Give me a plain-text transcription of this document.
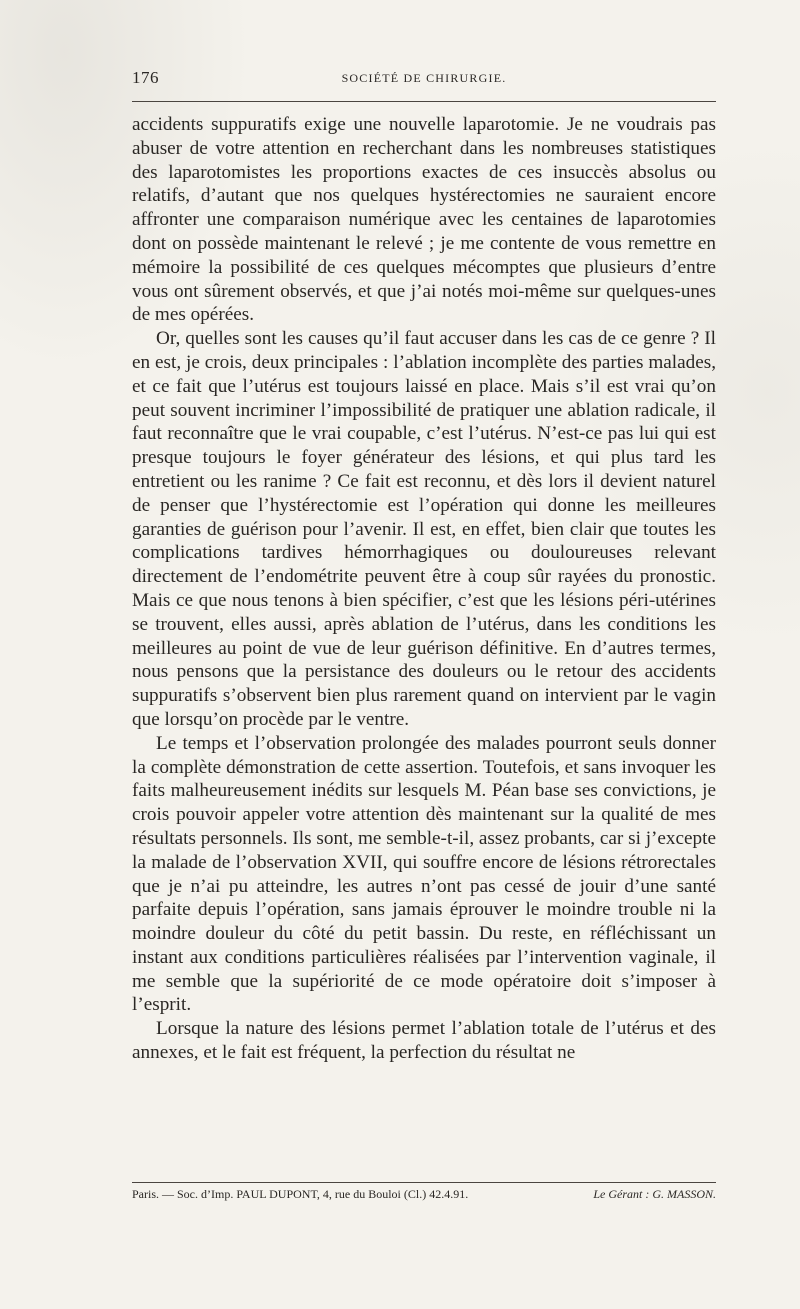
176	SOCIÉTÉ DE CHIRURGIE.

accidents suppuratifs exige une nouvelle laparotomie. Je ne voudrais pas abuser de votre attention en recherchant dans les nombreuses statistiques des laparotomistes les proportions exactes de ces insuccès absolus ou relatifs, d’autant que nos quelques hystérectomies ne sauraient encore affronter une comparaison numérique avec les centaines de laparotomies dont on possède maintenant le relevé ; je me contente de vous remettre en mémoire la possibilité de ces quelques mécomptes que plusieurs d’entre vous ont sûrement observés, et que j’ai notés moi-même sur quelques-unes de mes opérées.

Or, quelles sont les causes qu’il faut accuser dans les cas de ce genre ? Il en est, je crois, deux principales : l’ablation incomplète des parties malades, et ce fait que l’utérus est toujours laissé en place. Mais s’il est vrai qu’on peut souvent incriminer l’impossibilité de pratiquer une ablation radicale, il faut reconnaître que le vrai coupable, c’est l’utérus. N’est-ce pas lui qui est presque toujours le foyer générateur des lésions, et qui plus tard les entretient ou les ranime ? Ce fait est reconnu, et dès lors il devient naturel de penser que l’hystérectomie est l’opération qui donne les meilleures garanties de guérison pour l’avenir. Il est, en effet, bien clair que toutes les complications tardives hémorrhagiques ou douloureuses relevant directement de l’endométrite peuvent être à coup sûr rayées du pronostic. Mais ce que nous tenons à bien spécifier, c’est que les lésions péri-utérines se trouvent, elles aussi, après ablation de l’utérus, dans les conditions les meilleures au point de vue de leur guérison définitive. En d’autres termes, nous pensons que la persistance des douleurs ou le retour des accidents suppuratifs s’observent bien plus rarement quand on intervient par le vagin que lorsqu’on procède par le ventre.

Le temps et l’observation prolongée des malades pourront seuls donner la complète démonstration de cette assertion. Toutefois, et sans invoquer les faits malheureusement inédits sur lesquels M. Péan base ses convictions, je crois pouvoir appeler votre attention dès maintenant sur la qualité de mes résultats personnels. Ils sont, me semble-t-il, assez probants, car si j’excepte la malade de l’observation XVII, qui souffre encore de lésions rétrorectales que je n’ai pu atteindre, les autres n’ont pas cessé de jouir d’une santé parfaite depuis l’opération, sans jamais éprouver le moindre trouble ni la moindre douleur du côté du petit bassin. Du reste, en réfléchissant un instant aux conditions particulières réalisées par l’intervention vaginale, il me semble que la supériorité de ce mode opératoire doit s’imposer à l’esprit.

Lorsque la nature des lésions permet l’ablation totale de l’utérus et des annexes, et le fait est fréquent, la perfection du résultat ne

Paris. — Soc. d’Imp. PAUL DUPONT, 4, rue du Bouloi (Cl.) 42.4.91.	Le Gérant : G. MASSON.
